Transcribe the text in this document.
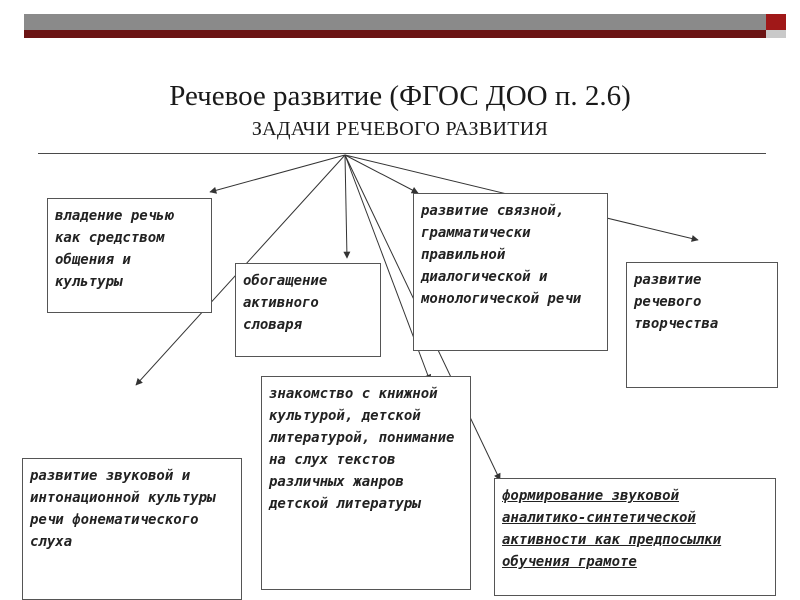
Речевое развитие (ФГОС ДОО п. 2.6)
ЗАДАЧИ РЕЧЕВОГО РАЗВИТИЯ
владение речью как средством общения и культуры	обогащение активного словаря
развитие связной, грамматически правильной диалогической и монологической речи
развитие речевого творчества
развитие звуковой и интонационной культуры речи фонематического слуха
знакомство с книжной культурой, детской литературой, понимание на слух текстов различных жанров детской литературы	формирование звуковой аналитико-синтетической активности как предпосылки обучения грамоте
